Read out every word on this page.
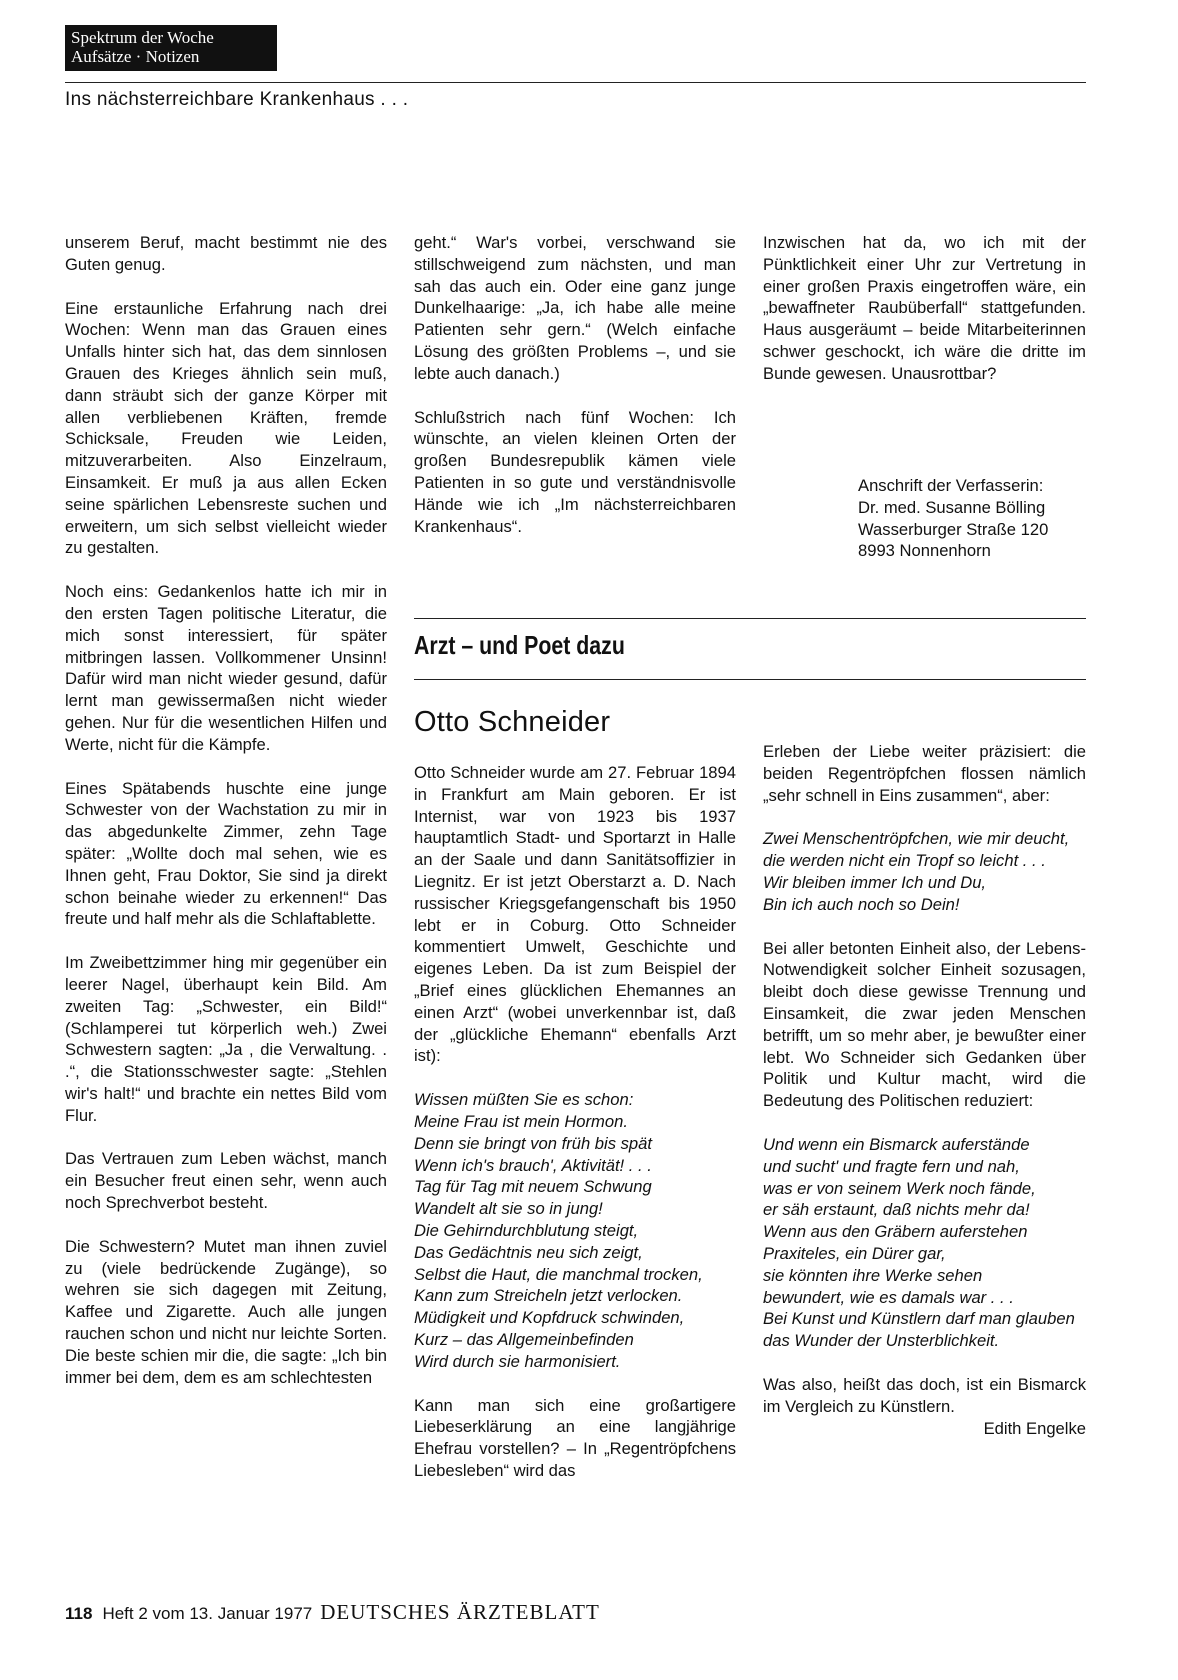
Spektrum der Woche
Aufsätze · Notizen
Ins nächsterreichbare Krankenhaus . . .

unserem Beruf, macht bestimmt nie des Guten genug.

Eine erstaunliche Erfahrung nach drei Wochen: Wenn man das Grauen eines Unfalls hinter sich hat, das dem sinnlosen Grauen des Krieges ähnlich sein muß, dann sträubt sich der ganze Körper mit allen verbliebenen Kräften, fremde Schicksale, Freuden wie Leiden, mitzuverarbeiten. Also Einzelraum, Einsamkeit. Er muß ja aus allen Ecken seine spärlichen Lebensreste suchen und erweitern, um sich selbst vielleicht wieder zu gestalten.

Noch eins: Gedankenlos hatte ich mir in den ersten Tagen politische Literatur, die mich sonst interessiert, für später mitbringen lassen. Vollkommener Unsinn! Dafür wird man nicht wieder gesund, dafür lernt man gewissermaßen nicht wieder gehen. Nur für die wesentlichen Hilfen und Werte, nicht für die Kämpfe.

Eines Spätabends huschte eine junge Schwester von der Wachstation zu mir in das abgedunkelte Zimmer, zehn Tage später: „Wollte doch mal sehen, wie es Ihnen geht, Frau Doktor, Sie sind ja direkt schon beinahe wieder zu erkennen!“ Das freute und half mehr als die Schlaftablette.

Im Zweibettzimmer hing mir gegenüber ein leerer Nagel, überhaupt kein Bild. Am zweiten Tag: „Schwester, ein Bild!“ (Schlamperei tut körperlich weh.) Zwei Schwestern sagten: „Ja , die Verwaltung. . .“, die Stationsschwester sagte: „Stehlen wir's halt!“ und brachte ein nettes Bild vom Flur.

Das Vertrauen zum Leben wächst, manch ein Besucher freut einen sehr, wenn auch noch Sprechverbot besteht.

Die Schwestern? Mutet man ihnen zuviel zu (viele bedrückende Zugänge), so wehren sie sich dagegen mit Zeitung, Kaffee und Zigarette. Auch alle jungen rauchen schon und nicht nur leichte Sorten. Die beste schien mir die, die sagte: „Ich bin immer bei dem, dem es am schlechtesten

geht.“ War's vorbei, verschwand sie stillschweigend zum nächsten, und man sah das auch ein. Oder eine ganz junge Dunkelhaarige: „Ja, ich habe alle meine Patienten sehr gern.“ (Welch einfache Lösung des größten Problems –, und sie lebte auch danach.)

Schlußstrich nach fünf Wochen: Ich wünschte, an vielen kleinen Orten der großen Bundesrepublik kämen viele Patienten in so gute und verständnisvolle Hände wie ich „Im nächsterreichbaren Krankenhaus“.

Inzwischen hat da, wo ich mit der Pünktlichkeit einer Uhr zur Vertretung in einer großen Praxis eingetroffen wäre, ein „bewaffneter Raubüberfall“ stattgefunden. Haus ausgeräumt – beide Mitarbeiterinnen schwer geschockt, ich wäre die dritte im Bunde gewesen. Unausrottbar?

Anschrift der Verfasserin:
Dr. med. Susanne Bölling
Wasserburger Straße 120
8993 Nonnenhorn
Arzt – und Poet dazu
Otto Schneider

Otto Schneider wurde am 27. Februar 1894 in Frankfurt am Main geboren. Er ist Internist, war von 1923 bis 1937 hauptamtlich Stadt- und Sportarzt in Halle an der Saale und dann Sanitätsoffizier in Liegnitz. Er ist jetzt Oberstarzt a. D. Nach russischer Kriegsgefangenschaft bis 1950 lebt er in Coburg. Otto Schneider kommentiert Umwelt, Geschichte und eigenes Leben. Da ist zum Beispiel der „Brief eines glücklichen Ehemannes an einen Arzt“ (wobei unverkennbar ist, daß der „glückliche Ehemann“ ebenfalls Arzt ist):

Wissen müßten Sie es schon:
Meine Frau ist mein Hormon.
Denn sie bringt von früh bis spät
Wenn ich's brauch', Aktivität! . . .
Tag für Tag mit neuem Schwung
Wandelt alt sie so in jung!
Die Gehirndurchblutung steigt,
Das Gedächtnis neu sich zeigt,
Selbst die Haut, die manchmal trocken,
Kann zum Streicheln jetzt verlocken.
Müdigkeit und Kopfdruck schwinden,
Kurz – das Allgemeinbefinden
Wird durch sie harmonisiert.

Kann man sich eine großartigere Liebeserklärung an eine langjährige Ehefrau vorstellen? – In „Regentröpfchens Liebesleben“ wird das

Erleben der Liebe weiter präzisiert: die beiden Regentröpfchen flossen nämlich „sehr schnell in Eins zusammen“, aber:

Zwei Menschentröpfchen, wie mir deucht,
die werden nicht ein Tropf so leicht . . .
Wir bleiben immer Ich und Du,
Bin ich auch noch so Dein!

Bei aller betonten Einheit also, der Lebens-Notwendigkeit solcher Einheit sozusagen, bleibt doch diese gewisse Trennung und Einsamkeit, die zwar jeden Menschen betrifft, um so mehr aber, je bewußter einer lebt. Wo Schneider sich Gedanken über Politik und Kultur macht, wird die Bedeutung des Politischen reduziert:

Und wenn ein Bismarck auferstände
und sucht' und fragte fern und nah,
was er von seinem Werk noch fände,
er säh erstaunt, daß nichts mehr da!
Wenn aus den Gräbern auferstehen
Praxiteles, ein Dürer gar,
sie könnten ihre Werke sehen
bewundert, wie es damals war . . .
Bei Kunst und Künstlern darf man glauben
das Wunder der Unsterblichkeit.

Was also, heißt das doch, ist ein Bismarck im Vergleich zu Künstlern.

Edith Engelke
118 Heft 2 vom 13. Januar 1977 DEUTSCHES ÄRZTEBLATT
